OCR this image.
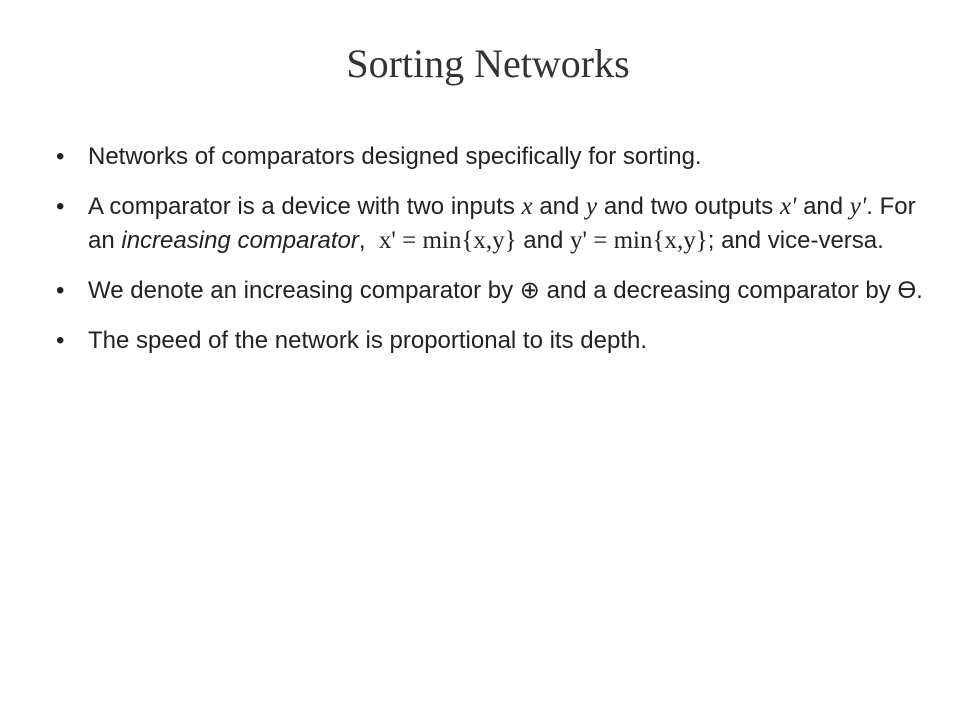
Sorting Networks
• Networks of comparators designed specifically for sorting.
• A comparator is a device with two inputs x and y and two outputs x' and y'. For an increasing comparator,  x' = min{x,y} and y' = min{x,y}; and vice-versa.
• We denote an increasing comparator by ⊕ and a decreasing comparator by Ө.
• The speed of the network is proportional to its depth.
